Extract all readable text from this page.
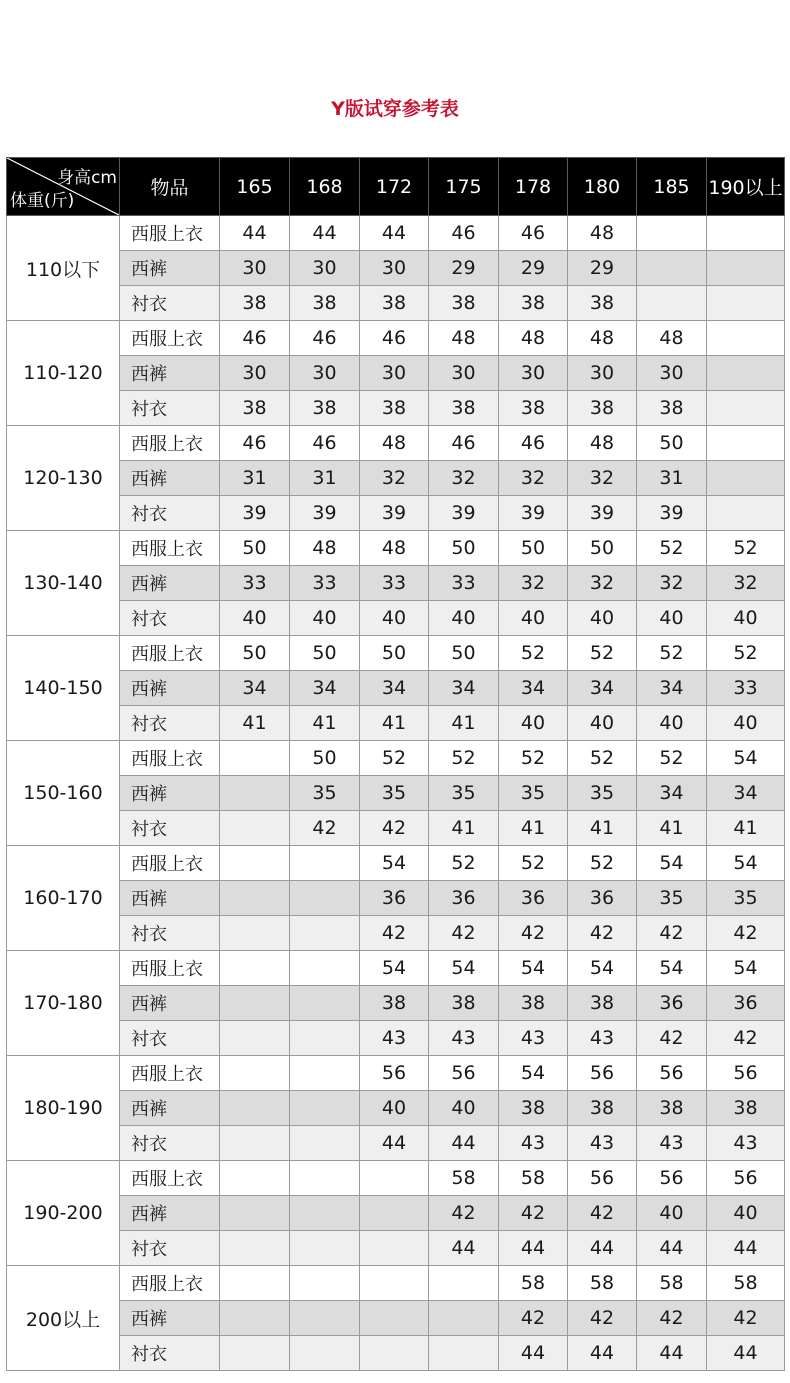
Y版试穿参考表
身高cm
体重(斤)	物品	165	168	172	175	178	180	185	190以上
110以下	西服上衣	44	44	44	46	46	48		
	西裤	30	30	30	29	29	29		
	衬衣	38	38	38	38	38	38		
110-120	西服上衣	46	46	46	48	48	48	48	
	西裤	30	30	30	30	30	30	30	
	衬衣	38	38	38	38	38	38	38	
120-130	西服上衣	46	46	48	46	46	48	50	
	西裤	31	31	32	32	32	32	31	
	衬衣	39	39	39	39	39	39	39	
130-140	西服上衣	50	48	48	50	50	50	52	52
	西裤	33	33	33	33	32	32	32	32
	衬衣	40	40	40	40	40	40	40	40
140-150	西服上衣	50	50	50	50	52	52	52	52
	西裤	34	34	34	34	34	34	34	33
	衬衣	41	41	41	41	40	40	40	40
150-160	西服上衣		50	52	52	52	52	52	54
	西裤		35	35	35	35	35	34	34
	衬衣		42	42	41	41	41	41	41
160-170	西服上衣			54	52	52	52	54	54
	西裤			36	36	36	36	35	35
	衬衣			42	42	42	42	42	42
170-180	西服上衣			54	54	54	54	54	54
	西裤			38	38	38	38	36	36
	衬衣			43	43	43	43	42	42
180-190	西服上衣			56	56	54	56	56	56
	西裤			40	40	38	38	38	38
	衬衣			44	44	43	43	43	43
190-200	西服上衣				58	58	56	56	56
	西裤				42	42	42	40	40
	衬衣				44	44	44	44	44
200以上	西服上衣					58	58	58	58
	西裤					42	42	42	42
	衬衣					44	44	44	44
